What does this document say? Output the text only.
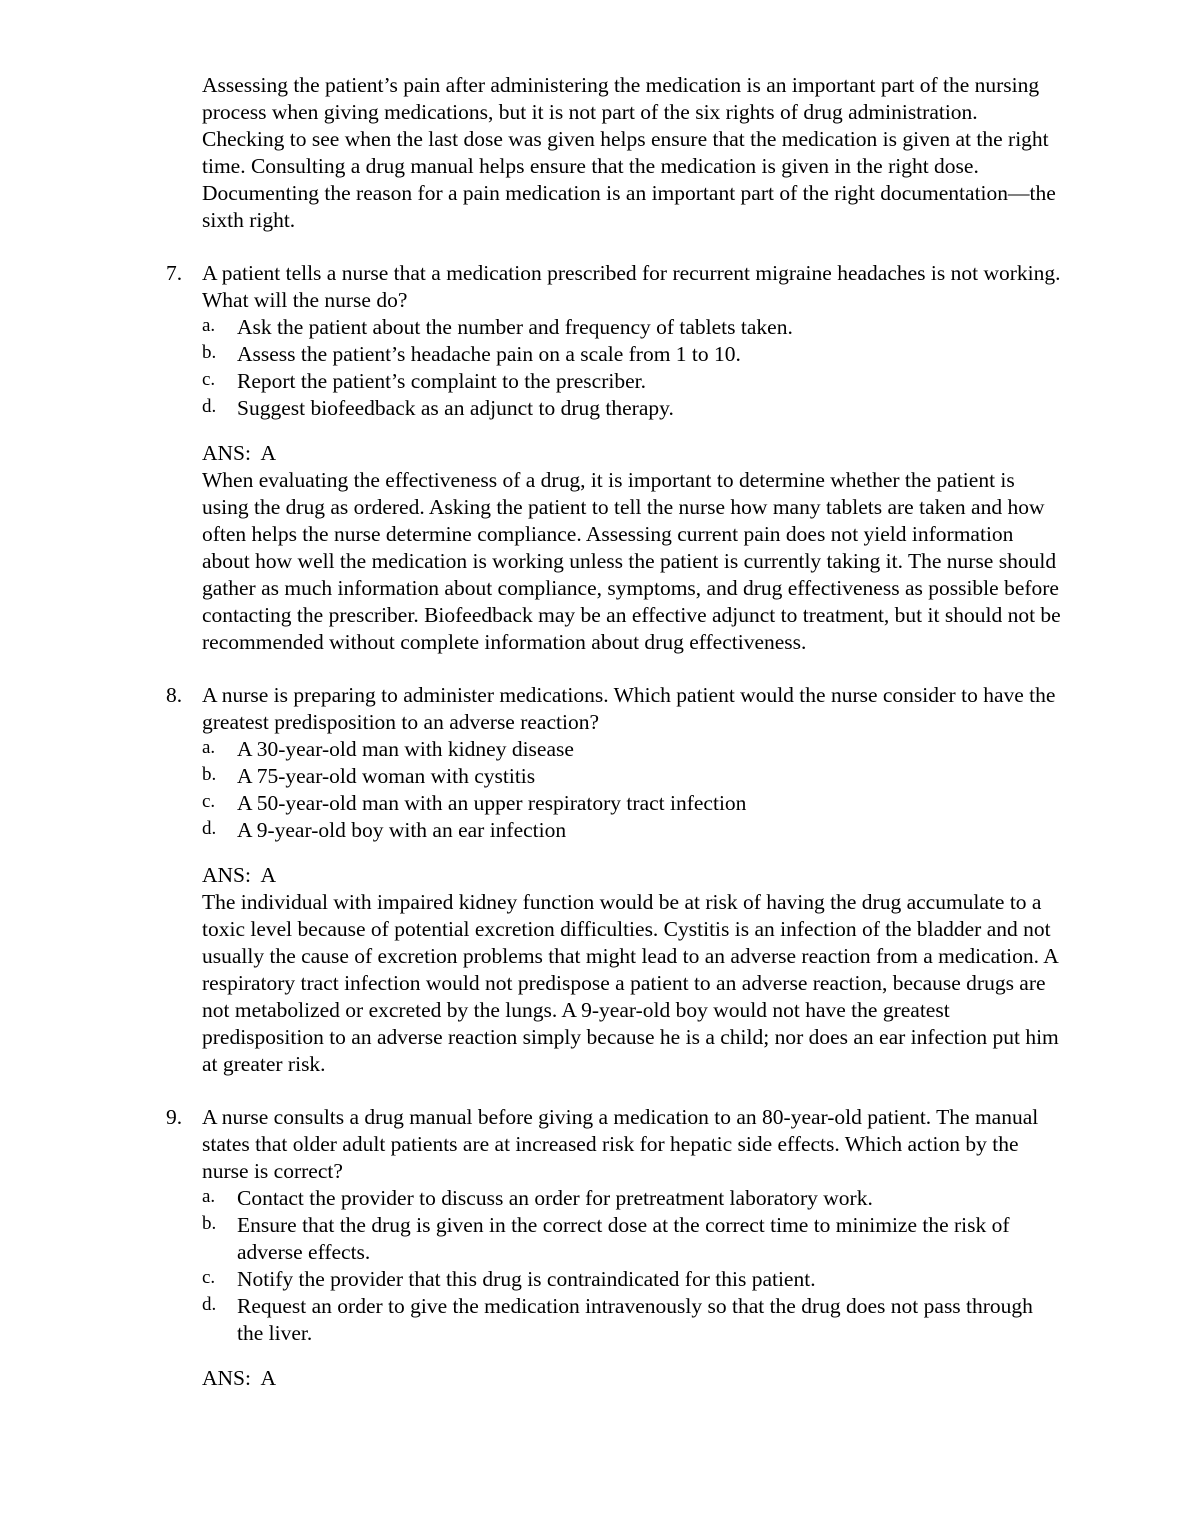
Assessing the patient’s pain after administering the medication is an important part of the nursing process when giving medications, but it is not part of the six rights of drug administration. Checking to see when the last dose was given helps ensure that the medication is given at the right time. Consulting a drug manual helps ensure that the medication is given in the right dose. Documenting the reason for a pain medication is an important part of the right documentation—the sixth right.

7. A patient tells a nurse that a medication prescribed for recurrent migraine headaches is not working. What will the nurse do?

a. Ask the patient about the number and frequency of tablets taken.
b. Assess the patient’s headache pain on a scale from 1 to 10.
c. Report the patient’s complaint to the prescriber.
d. Suggest biofeedback as an adjunct to drug therapy.

ANS:  A

When evaluating the effectiveness of a drug, it is important to determine whether the patient is using the drug as ordered. Asking the patient to tell the nurse how many tablets are taken and how often helps the nurse determine compliance. Assessing current pain does not yield information about how well the medication is working unless the patient is currently taking it. The nurse should gather as much information about compliance, symptoms, and drug effectiveness as possible before contacting the prescriber. Biofeedback may be an effective adjunct to treatment, but it should not be recommended without complete information about drug effectiveness.

8. A nurse is preparing to administer medications. Which patient would the nurse consider to have the greatest predisposition to an adverse reaction?

a. A 30-year-old man with kidney disease
b. A 75-year-old woman with cystitis
c. A 50-year-old man with an upper respiratory tract infection
d. A 9-year-old boy with an ear infection

ANS:  A

The individual with impaired kidney function would be at risk of having the drug accumulate to a toxic level because of potential excretion difficulties. Cystitis is an infection of the bladder and not usually the cause of excretion problems that might lead to an adverse reaction from a medication. A respiratory tract infection would not predispose a patient to an adverse reaction, because drugs are not metabolized or excreted by the lungs. A 9-year-old boy would not have the greatest predisposition to an adverse reaction simply because he is a child; nor does an ear infection put him at greater risk.

9. A nurse consults a drug manual before giving a medication to an 80-year-old patient. The manual states that older adult patients are at increased risk for hepatic side effects. Which action by the nurse is correct?

a. Contact the provider to discuss an order for pretreatment laboratory work.
b. Ensure that the drug is given in the correct dose at the correct time to minimize the risk of adverse effects.
c. Notify the provider that this drug is contraindicated for this patient.
d. Request an order to give the medication intravenously so that the drug does not pass through the liver.

ANS:  A
